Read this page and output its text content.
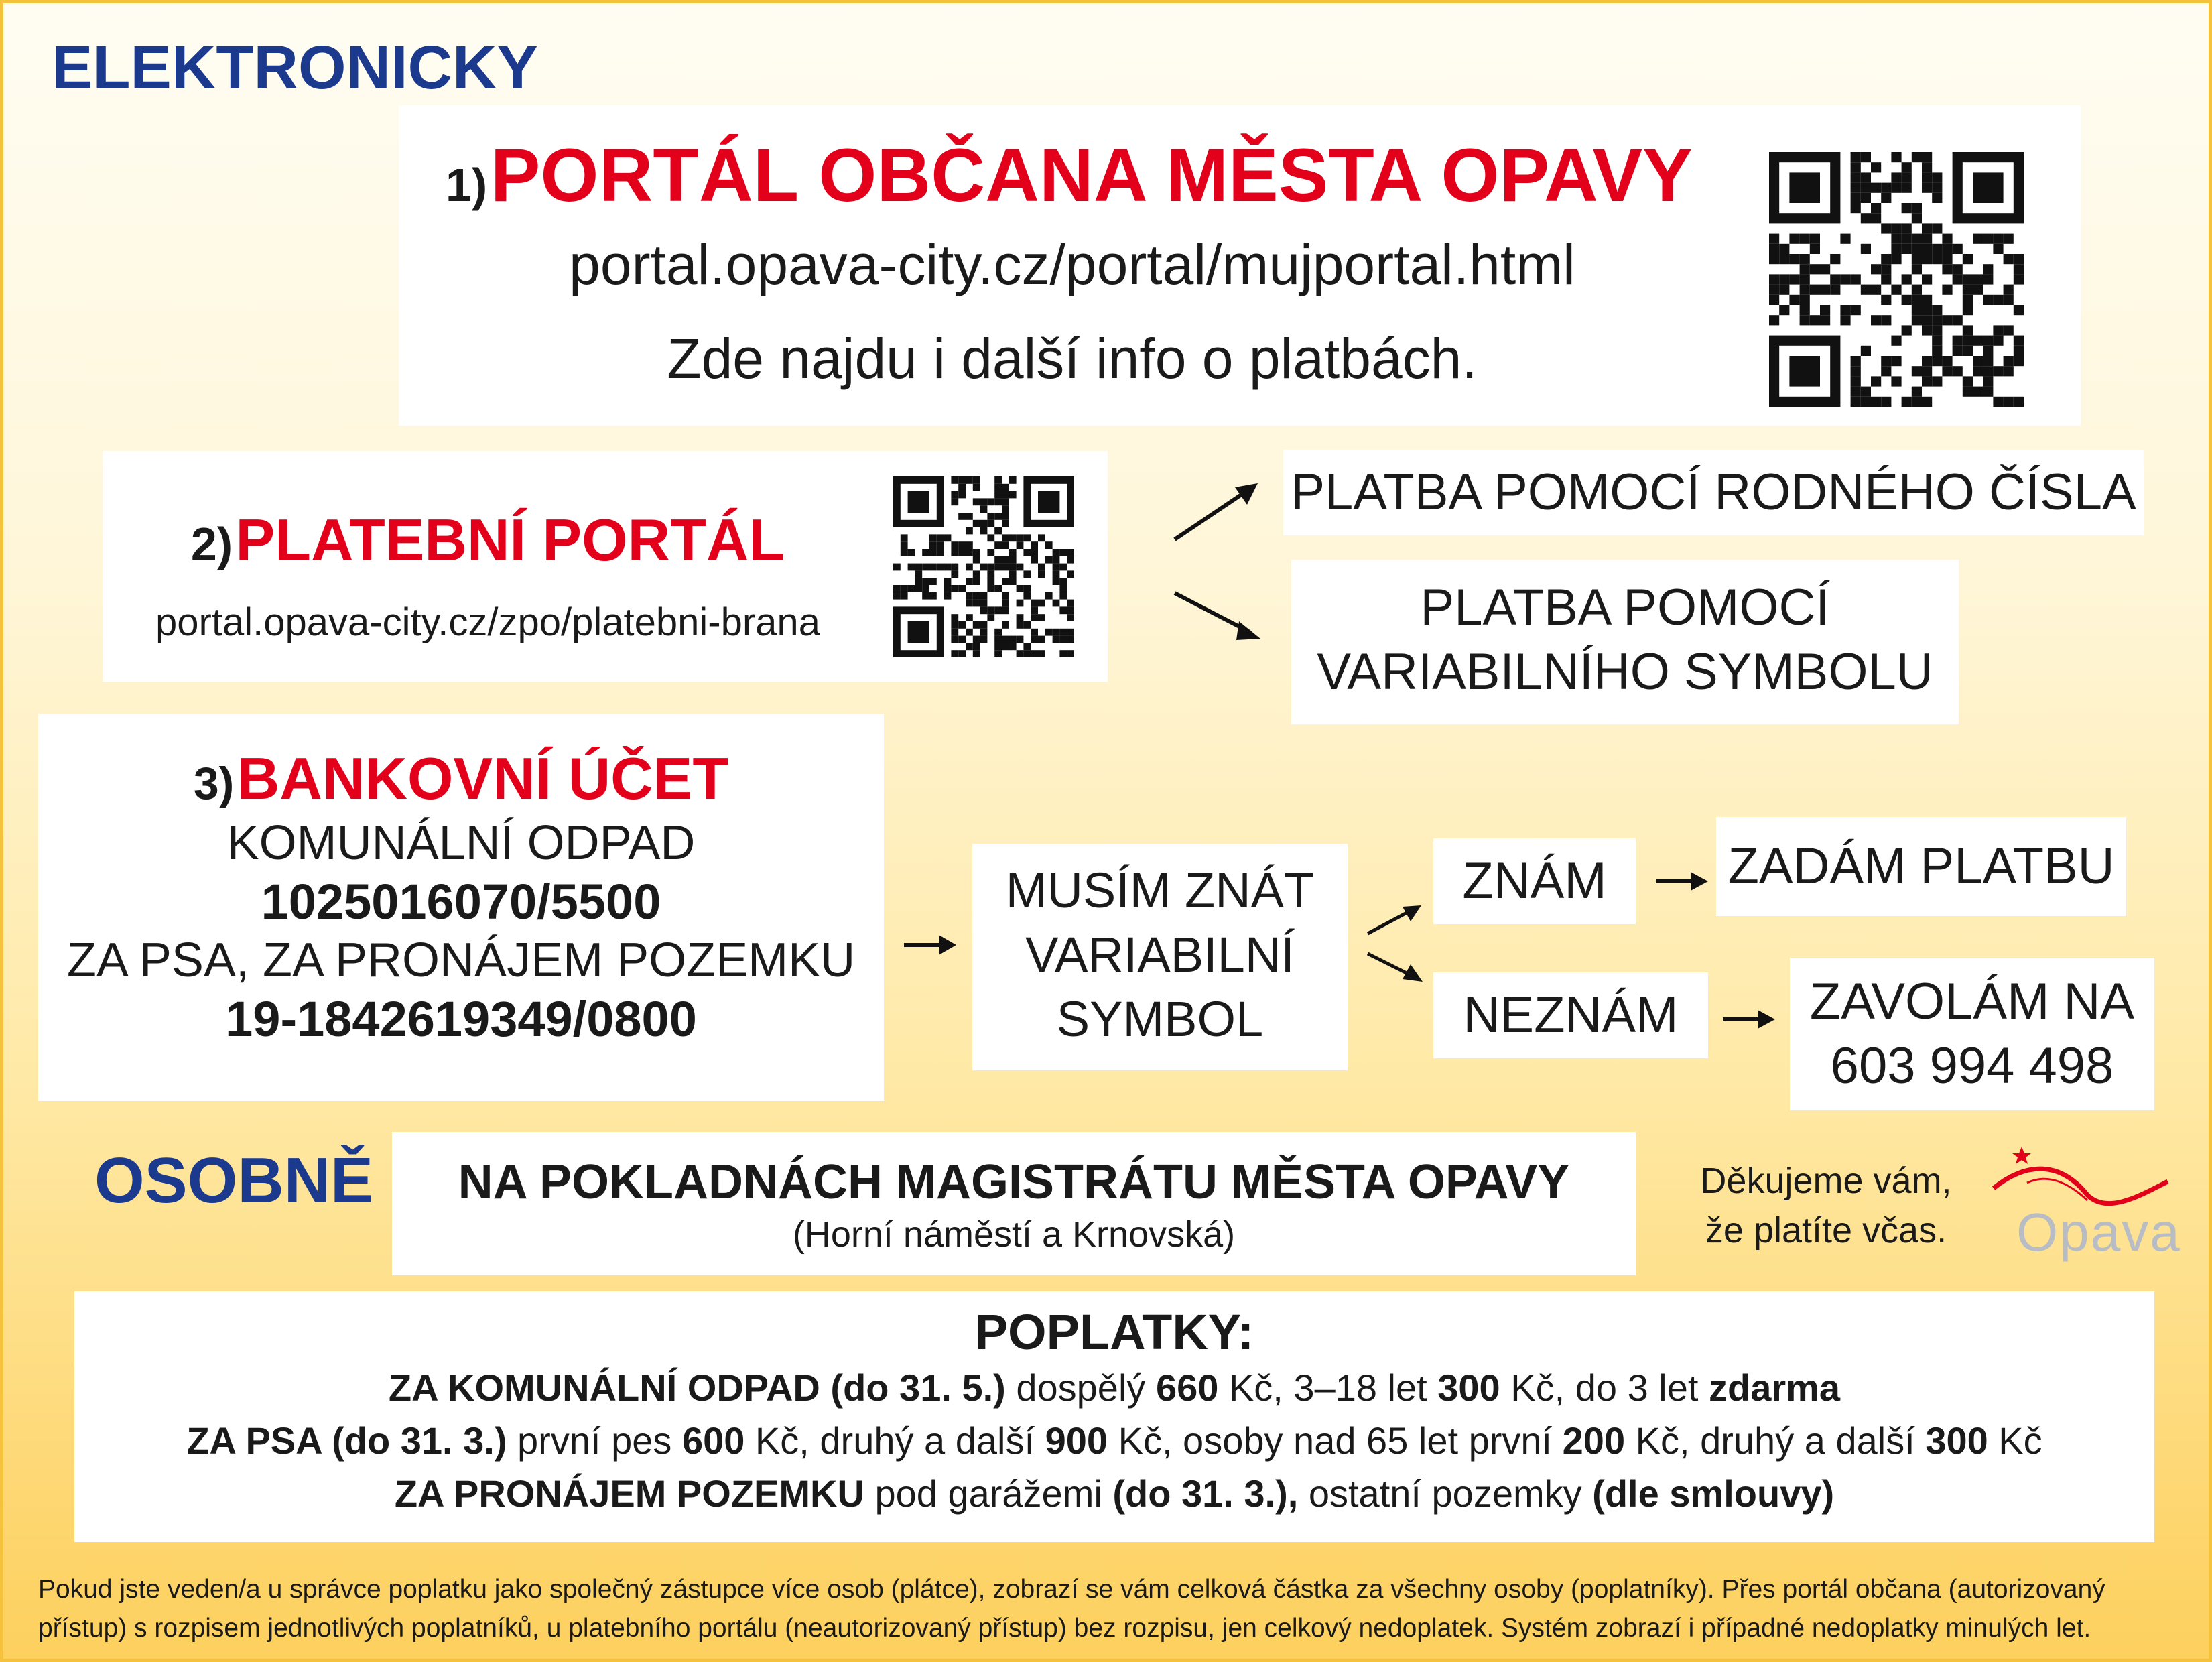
ELEKTRONICKY
1) PORTÁL OBČANA MĚSTA OPAVY
portal.opava-city.cz/portal/mujportal.html
Zde najdu i další info o platbách.
2) PLATEBNÍ PORTÁL
portal.opava-city.cz/zpo/platebni-brana
PLATBA POMOCÍ RODNÉHO ČÍSLA
PLATBA POMOCÍ
VARIABILNÍHO SYMBOLU
3) BANKOVNÍ ÚČET
KOMUNÁLNÍ ODPAD
1025016070/5500
ZA PSA, ZA PRONÁJEM POZEMKU
19-1842619349/0800
MUSÍM ZNÁT
VARIABILNÍ
SYMBOL
ZNÁM	ZADÁM PLATBU
NEZNÁM	ZAVOLÁM NA
603 994 498
OSOBNĚ	NA POKLADNÁCH MAGISTRÁTU MĚSTA OPAVY
(Horní náměstí a Krnovská)
Děkujeme vám,
že platíte včas.	Opava
POPLATKY:
ZA KOMUNÁLNÍ ODPAD (do 31. 5.) dospělý 660 Kč, 3–18 let 300 Kč, do 3 let zdarma
ZA PSA (do 31. 3.) první pes 600 Kč, druhý a další 900 Kč, osoby nad 65 let první 200 Kč, druhý a další 300 Kč
ZA PRONÁJEM POZEMKU pod garážemi (do 31. 3.), ostatní pozemky (dle smlouvy)
Pokud jste veden/a u správce poplatku jako společný zástupce více osob (plátce), zobrazí se vám celková částka za všechny osoby (poplatníky). Přes portál občana (autorizovaný
přístup) s rozpisem jednotlivých poplatníků, u platebního portálu (neautorizovaný přístup) bez rozpisu, jen celkový nedoplatek. Systém zobrazí i případné nedoplatky minulých let.
